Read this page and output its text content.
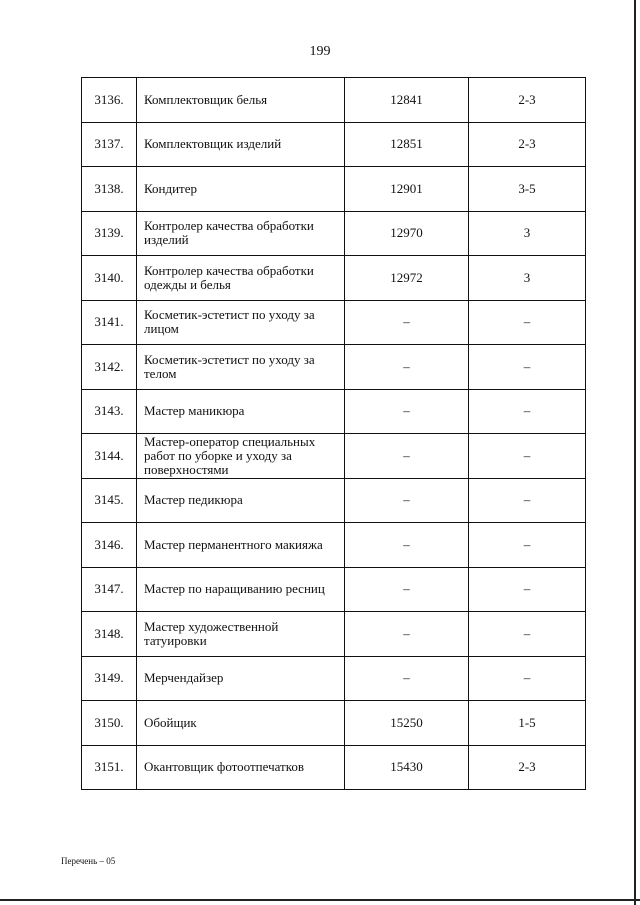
199
3136.	Комплектовщик белья	12841	2-3
3137.	Комплектовщик изделий	12851	2-3
3138.	Кондитер	12901	3-5
3139.	Контролер качества обработки изделий	12970	3
3140.	Контролер качества обработки одежды и белья	12972	3
3141.	Косметик-эстетист по уходу за лицом	–	–
3142.	Косметик-эстетист по уходу за телом	–	–
3143.	Мастер маникюра	–	–
3144.	Мастер-оператор специальных работ по уборке и уходу за поверхностями	–	–
3145.	Мастер педикюра	–	–
3146.	Мастер перманентного макияжа	–	–
3147.	Мастер по наращиванию ресниц	–	–
3148.	Мастер художественной татуировки	–	–
3149.	Мерчендайзер	–	–
3150.	Обойщик	15250	1-5
3151.	Окантовщик фотоотпечатков	15430	2-3
Перечень – 05
